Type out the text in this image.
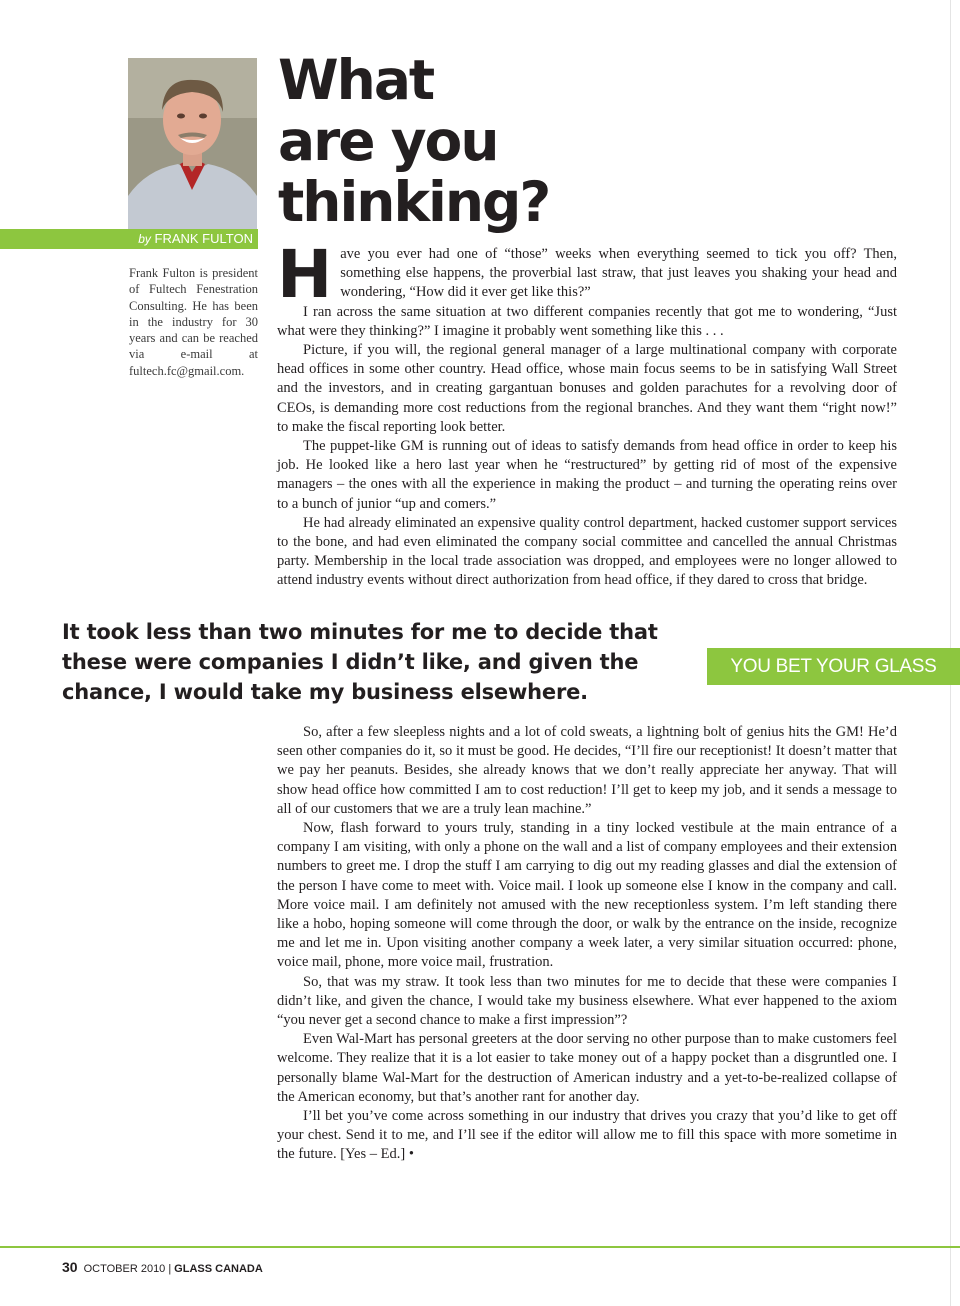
by FRANK FULTON
Frank Fulton is president of Fultech Fenestration Consulting. He has been in the industry for 30 years and can be reached via e-mail at fultech.fc@gmail.com.
What
are you
thinking?

Have you ever had one of “those” weeks when everything seemed to tick you off? Then, something else happens, the proverbial last straw, that just leaves you shaking your head and wondering, “How did it ever get like this?”

I ran across the same situation at two different companies recently that got me to wondering, “Just what were they thinking?” I imagine it probably went something like this . . .

Picture, if you will, the regional general manager of a large multinational company with corporate head offices in some other country. Head office, whose main focus seems to be in satisfying Wall Street and the investors, and in creating gargantuan bonuses and golden parachutes for a revolving door of CEOs, is demanding more cost reductions from the regional branches. And they want them “right now!” to make the fiscal reporting look better.

The puppet-like GM is running out of ideas to satisfy demands from head office in order to keep his job. He looked like a hero last year when he “restructured” by getting rid of most of the expensive managers – the ones with all the experience in making the product – and turning the operating reins over to a bunch of junior “up and comers.”

He had already eliminated an expensive quality control department, hacked customer support services to the bone, and had even eliminated the company social committee and cancelled the annual Christmas party. Membership in the local trade association was dropped, and employees were no longer allowed to attend industry events without direct authorization from head office, if they dared to cross that bridge.

It took less than two minutes for me to decide that these were companies I didn’t like, and given the chance, I would take my business elsewhere.

YOU BET YOUR GLASS

So, after a few sleepless nights and a lot of cold sweats, a lightning bolt of genius hits the GM! He’d seen other companies do it, so it must be good. He decides, “I’ll fire our receptionist! It doesn’t matter that we pay her peanuts. Besides, she already knows that we don’t really appreciate her anyway. That will show head office how committed I am to cost reduction! I’ll get to keep my job, and it sends a message to all of our customers that we are a truly lean machine.”

Now, flash forward to yours truly, standing in a tiny locked vestibule at the main entrance of a company I am visiting, with only a phone on the wall and a list of company employees and their extension numbers to greet me. I drop the stuff I am carrying to dig out my reading glasses and dial the extension of the person I have come to meet with. Voice mail. I look up someone else I know in the company and call. More voice mail. I am definitely not amused with the new receptionless system. I’m left standing there like a hobo, hoping someone will come through the door, or walk by the entrance on the inside, recognize me and let me in. Upon visiting another company a week later, a very similar situation occurred: phone, voice mail, phone, more voice mail, frustration.

So, that was my straw. It took less than two minutes for me to decide that these were companies I didn’t like, and given the chance, I would take my business elsewhere. What ever happened to the axiom “you never get a second chance to make a first impression”?

Even Wal-Mart has personal greeters at the door serving no other purpose than to make customers feel welcome. They realize that it is a lot easier to take money out of a happy pocket than a disgruntled one. I personally blame Wal-Mart for the destruction of American industry and a yet-to-be-realized collapse of the American economy, but that’s another rant for another day.

I’ll bet you’ve come across something in our industry that drives you crazy that you’d like to get off your chest. Send it to me, and I’ll see if the editor will allow me to fill this space with more sometime in the future. [Yes – Ed.] •

30 OCTOBER 2010 | GLASS CANADA
